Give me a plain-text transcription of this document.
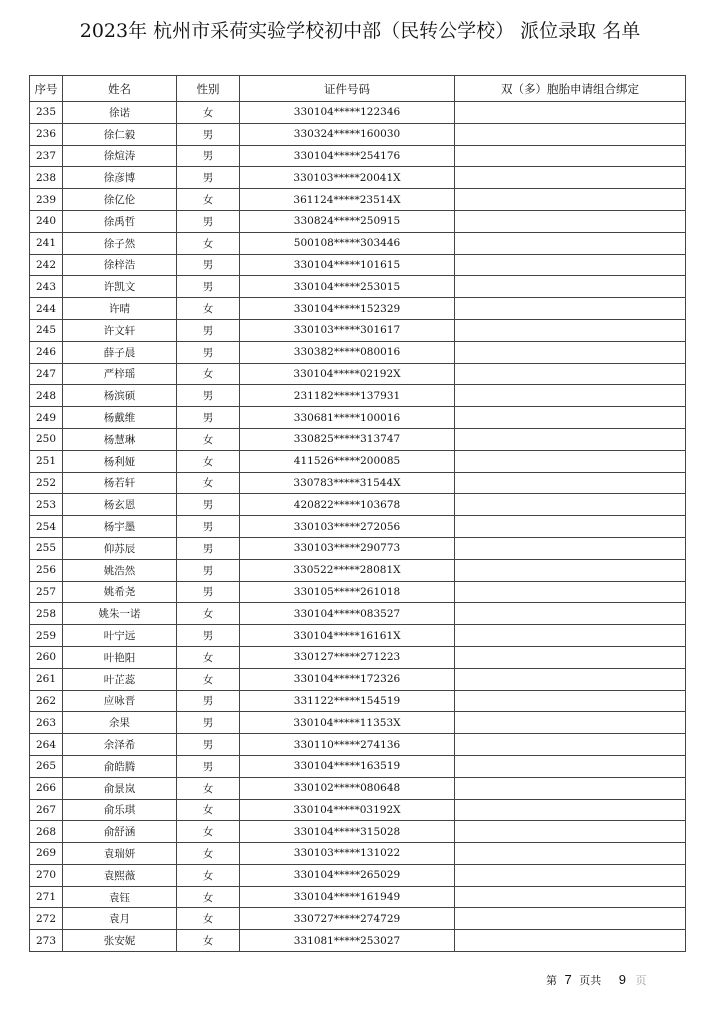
2023年 杭州市采荷实验学校初中部（民转公学校） 派位录取 名单
序号	姓名	性别	证件号码	双（多）胞胎申请组合绑定
235	徐诺	女	330104*****122346	
236	徐仁毅	男	330324*****160030	
237	徐煊涛	男	330104*****254176	
238	徐彦博	男	330103*****20041X	
239	徐亿伦	女	361124*****23514X	
240	徐禹哲	男	330824*****250915	
241	徐子然	女	500108*****303446	
242	徐梓浩	男	330104*****101615	
243	许凯文	男	330104*****253015	
244	许晴	女	330104*****152329	
245	许文轩	男	330103*****301617	
246	薛子晨	男	330382*****080016	
247	严梓瑶	女	330104*****02192X	
248	杨滨硕	男	231182*****137931	
249	杨戴维	男	330681*****100016	
250	杨慧琳	女	330825*****313747	
251	杨利娅	女	411526*****200085	
252	杨若轩	女	330783*****31544X	
253	杨玄恩	男	420822*****103678	
254	杨宇墨	男	330103*****272056	
255	仰苏辰	男	330103*****290773	
256	姚浩然	男	330522*****28081X	
257	姚希尧	男	330105*****261018	
258	姚朱一诺	女	330104*****083527	
259	叶宁远	男	330104*****16161X	
260	叶艳阳	女	330127*****271223	
261	叶芷蕊	女	330104*****172326	
262	应咏晋	男	331122*****154519	
263	余果	男	330104*****11353X	
264	余泽希	男	330110*****274136	
265	俞皓腾	男	330104*****163519	
266	俞景岚	女	330102*****080648	
267	俞乐琪	女	330104*****03192X	
268	俞舒涵	女	330104*****315028	
269	袁瑞妍	女	330103*****131022	
270	袁熙薇	女	330104*****265029	
271	袁钰	女	330104*****161949	
272	袁月	女	330727*****274729	
273	张安妮	女	331081*****253027	
第 7 页共 9 页
